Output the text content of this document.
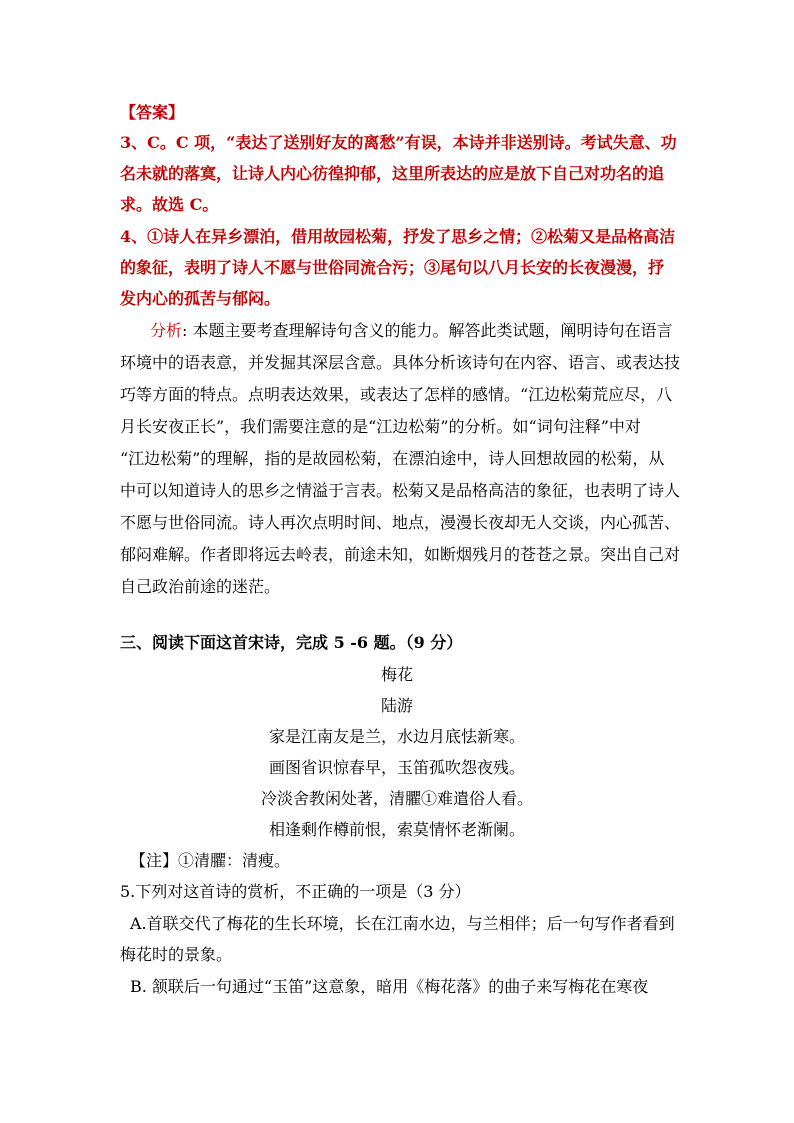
【答案】
3、C。C 项，“表达了送别好友的离愁”有误，本诗并非送别诗。考试失意、功
名未就的落寞，让诗人内心彷徨抑郁，这里所表达的应是放下自己对功名的追
求。故选 C。
4、①诗人在异乡漂泊，借用故园松菊，抒发了思乡之情；②松菊又是品格高洁
的象征，表明了诗人不愿与世俗同流合污；③尾句以八月长安的长夜漫漫，抒
发内心的孤苦与郁闷。
分析: 本题主要考查理解诗句含义的能力。解答此类试题，阐明诗句在语言
环境中的语表意，并发掘其深层含意。具体分析该诗句在内容、语言、或表达技
巧等方面的特点。点明表达效果，或表达了怎样的感情。“江边松菊荒应尽，八
月长安夜正长”，我们需要注意的是“江边松菊”的分析。如“词句注释”中对
“江边松菊”的理解，指的是故园松菊，在漂泊途中，诗人回想故园的松菊，从
中可以知道诗人的思乡之情溢于言表。松菊又是品格高洁的象征，也表明了诗人
不愿与世俗同流。诗人再次点明时间、地点，漫漫长夜却无人交谈，内心孤苦、
郁闷难解。作者即将远去岭表，前途未知，如断烟残月的苍苍之景。突出自己对
自己政治前途的迷茫。
三、阅读下面这首宋诗，完成 5 -6 题。（9 分）
梅花
陆游
家是江南友是兰，水边月底怯新寒。
画图省识惊春早，玉笛孤吹怨夜残。
冷淡舍教闲处著，清臞①难遣俗人看。
相逢剩作樽前恨，索莫情怀老渐阑。
【注】①清臞：清瘦。
5.下列对这首诗的赏析，不正确的一项是（3 分）
A.首联交代了梅花的生长环境，长在江南水边，与兰相伴；后一句写作者看到
梅花时的景象。
B. 颔联后一句通过“玉笛”这意象，暗用《梅花落》的曲子来写梅花在寒夜
